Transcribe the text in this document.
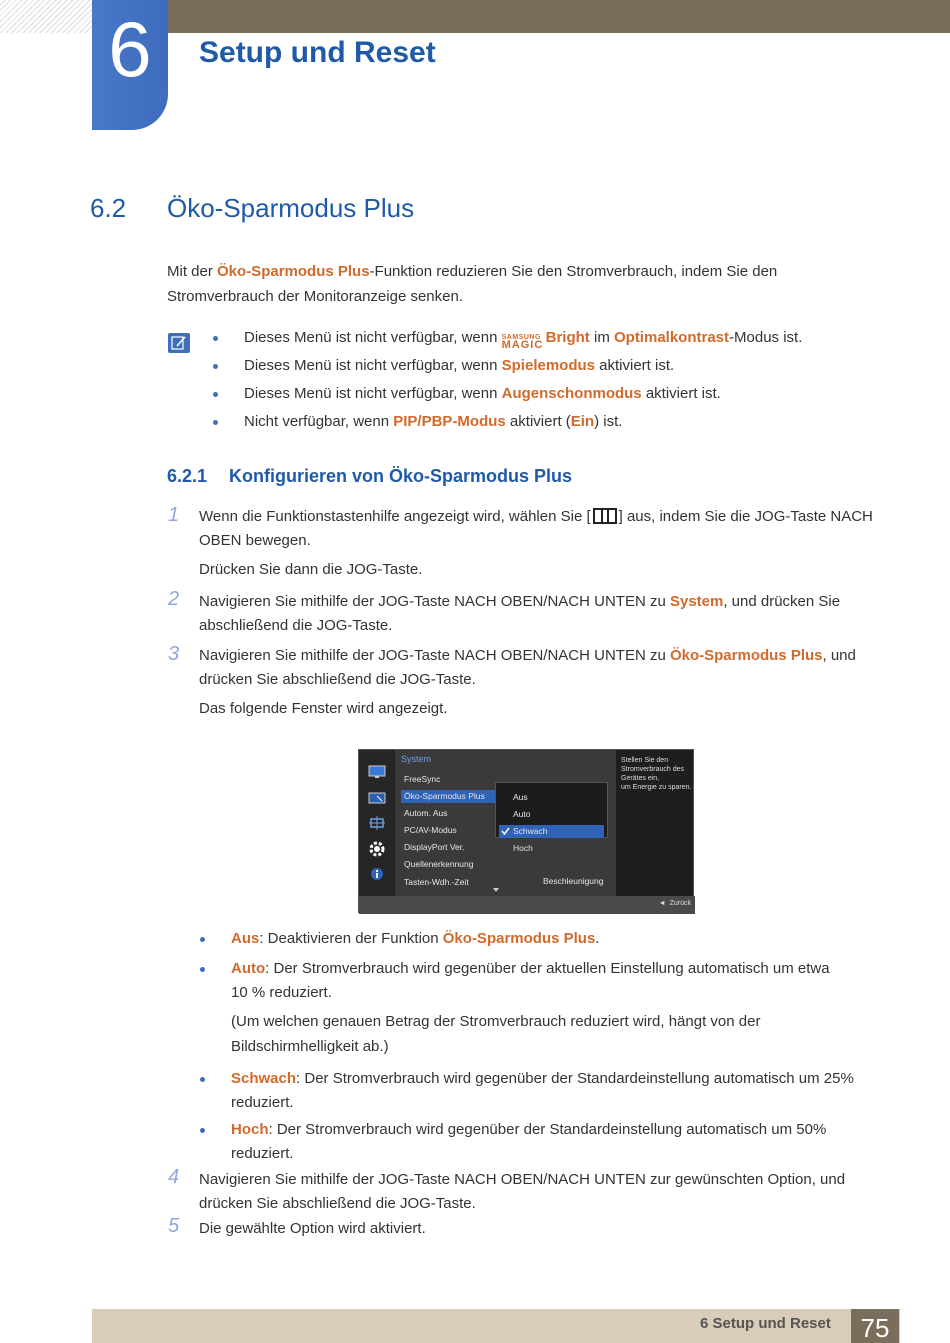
6	Setup und Reset
6.2 Öko-Sparmodus Plus
Mit der Öko-Sparmodus Plus-Funktion reduzieren Sie den Stromverbrauch, indem Sie den
Stromverbrauch der Monitoranzeige senken.
Dieses Menü ist nicht verfügbar, wenn SAMSUNG
MAGIC Bright im Optimalkontrast-Modus ist.
Dieses Menü ist nicht verfügbar, wenn Spielemodus aktiviert ist.
Dieses Menü ist nicht verfügbar, wenn Augenschonmodus aktiviert ist.
Nicht verfügbar, wenn PIP/PBP-Modus aktiviert (Ein) ist.
6.2.1 Konfigurieren von Öko-Sparmodus Plus
1 Wenn die Funktionstastenhilfe angezeigt wird, wählen Sie [ ] aus, indem Sie die JOG-Taste NACH
OBEN bewegen.
Drücken Sie dann die JOG-Taste.
2 Navigieren Sie mithilfe der JOG-Taste NACH OBEN/NACH UNTEN zu System, und drücken Sie
abschließend die JOG-Taste.
3 Navigieren Sie mithilfe der JOG-Taste NACH OBEN/NACH UNTEN zu Öko-Sparmodus Plus, und
drücken Sie abschließend die JOG-Taste.
Das folgende Fenster wird angezeigt.
System
FreeSync
Öko-Sparmodus Plus
Autom. Aus
PC/AV-Modus
DisplayPort Ver.
Quellenerkennung
Tasten-Wdh.-Zeit
Aus
Auto
Schwach
Hoch
Beschleunigung
Stellen Sie den
Stromverbrauch des
Gerätes ein,
um Energie zu sparen.
◄  Zurück
Aus: Deaktivieren der Funktion Öko-Sparmodus Plus.
Auto: Der Stromverbrauch wird gegenüber der aktuellen Einstellung automatisch um etwa
10 % reduziert.
(Um welchen genauen Betrag der Stromverbrauch reduziert wird, hängt von der
Bildschirmhelligkeit ab.)
Schwach: Der Stromverbrauch wird gegenüber der Standardeinstellung automatisch um 25%
reduziert.
Hoch: Der Stromverbrauch wird gegenüber der Standardeinstellung automatisch um 50%
reduziert.
4 Navigieren Sie mithilfe der JOG-Taste NACH OBEN/NACH UNTEN zur gewünschten Option, und
drücken Sie abschließend die JOG-Taste.
5 Die gewählte Option wird aktiviert.
6 Setup und Reset	75
